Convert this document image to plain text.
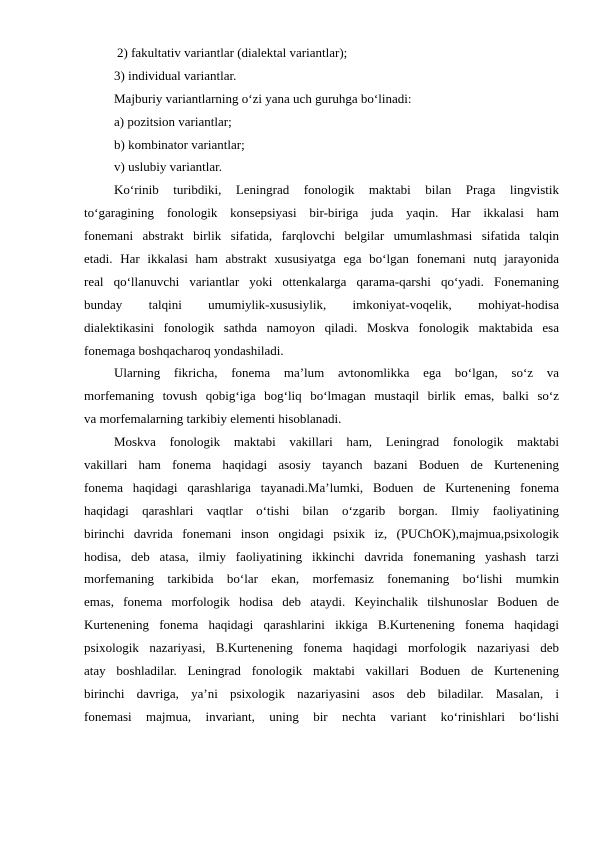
2) fakultativ variantlar (dialektal variantlar);
3) individual variantlar.
Majburiy variantlarning o‘zi yana uch guruhga bo‘linadi:
a) pozitsion variantlar;
b) kombinator variantlar;
v) uslubiy variantlar.
Ko‘rinib turibdiki, Leningrad fonologik maktabi bilan Praga lingvistik
to‘garagining fonologik konsepsiyasi bir-biriga juda yaqin. Har ikkalasi ham
fonemani abstrakt birlik sifatida, farqlovchi belgilar umumlashmasi sifatida talqin
etadi. Har ikkalasi ham abstrakt xususiyatga ega bo‘lgan fonemani nutq jarayonida
real qo‘llanuvchi variantlar yoki ottenkalarga qarama-qarshi qo‘yadi. Fonemaning
bunday talqini umumiylik-xususiylik, imkoniyat-voqelik, mohiyat-hodisa
dialektikasini fonologik sathda namoyon qiladi. Moskva fonologik maktabida esa
fonemaga boshqacharoq yondashiladi.
Ularning fikricha, fonema ma’lum avtonomlikka ega bo‘lgan, so‘z va
morfemaning tovush qobig‘iga bog‘liq bo‘lmagan mustaqil birlik emas, balki so‘z
va morfemalarning tarkibiy elementi hisoblanadi.
Moskva fonologik maktabi vakillari ham, Leningrad fonologik maktabi
vakillari ham fonema haqidagi asosiy tayanch bazani Boduen de Kurtenening
fonema haqidagi qarashlariga tayanadi.Ma’lumki, Boduen de Kurtenening fonema
haqidagi qarashlari vaqtlar o‘tishi bilan o‘zgarib borgan. Ilmiy faoliyatining
birinchi davrida fonemani inson ongidagi psixik iz, (PUChOK),majmua,psixologik
hodisa, deb atasa, ilmiy faoliyatining ikkinchi davrida fonemaning yashash tarzi
morfemaning tarkibida bo‘lar ekan, morfemasiz fonemaning bo‘lishi mumkin
emas, fonema morfologik hodisa deb ataydi. Keyinchalik tilshunoslar Boduen de
Kurtenening fonema haqidagi qarashlarini ikkiga B.Kurtenening fonema haqidagi
psixologik nazariyasi, B.Kurtenening fonema haqidagi morfologik nazariyasi deb
atay boshladilar. Leningrad fonologik maktabi vakillari Boduen de Kurtenening
birinchi davriga, ya’ni psixologik nazariyasini asos deb biladilar. Masalan, i
fonemasi majmua, invariant, uning bir nechta variant ko‘rinishlari bo‘lishi
